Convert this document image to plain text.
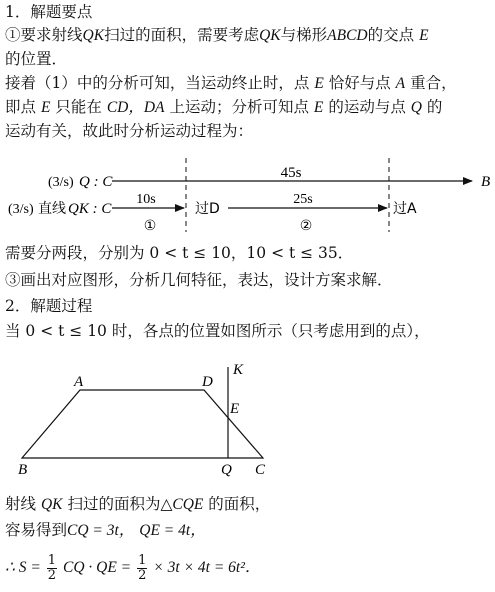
1．解题要点
①要求射线QK扫过的面积，需要考虑QK与梯形ABCD的交点 E
的位置．
接着（1）中的分析可知，当运动终止时，点 E 恰好与点 A 重合，
即点 E 只能在 CD，DA 上运动；分析可知点 E 的运动与点 Q 的
运动有关，故此时分析运动过程为：
(3/s) Q : C
45s
B
(3/s) 直线 QK : C
10s
①
过D
25s
②
过A
需要分两段，分别为 0 < t ≤ 10，10 < t ≤ 35．
③画出对应图形，分析几何特征，表达，设计方案求解．
2．解题过程
当 0 < t ≤ 10 时，各点的位置如图所示（只考虑用到的点），
A	D
K
E
B	Q C
射线 QK 扫过的面积为△CQE 的面积，
容易得到CQ = 3t， QE = 4t，
∴ $S = \frac{1}{2}$ CQ · QE = $\frac{1}{2} \times 3t \times 4t = 6t^2$．
